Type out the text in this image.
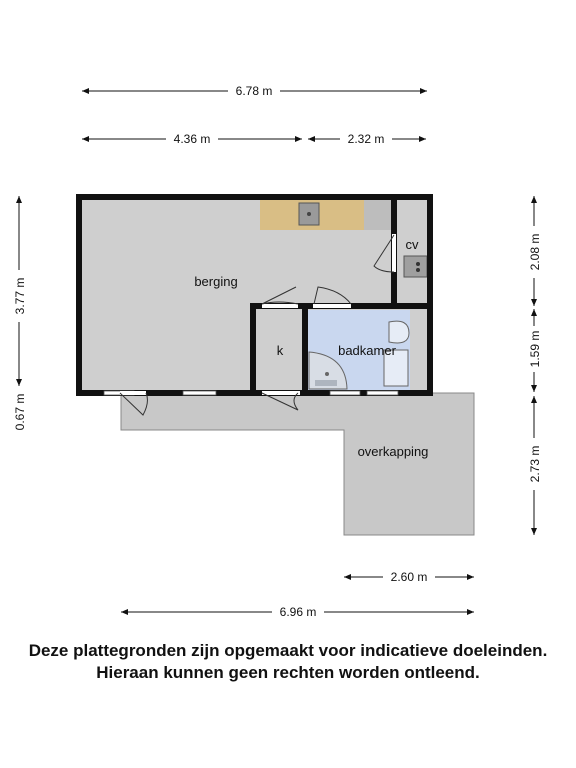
berging
cv
k	badkamer
overkapping
6.78 m
4.36 m	2.32 m
2.60 m
6.96 m
3.77 m
0.67 m
2.08 m
1.59 m
2.73 m
Deze plattegronden zijn opgemaakt voor indicatieve doeleinden.
Hieraan kunnen geen rechten worden ontleend.
